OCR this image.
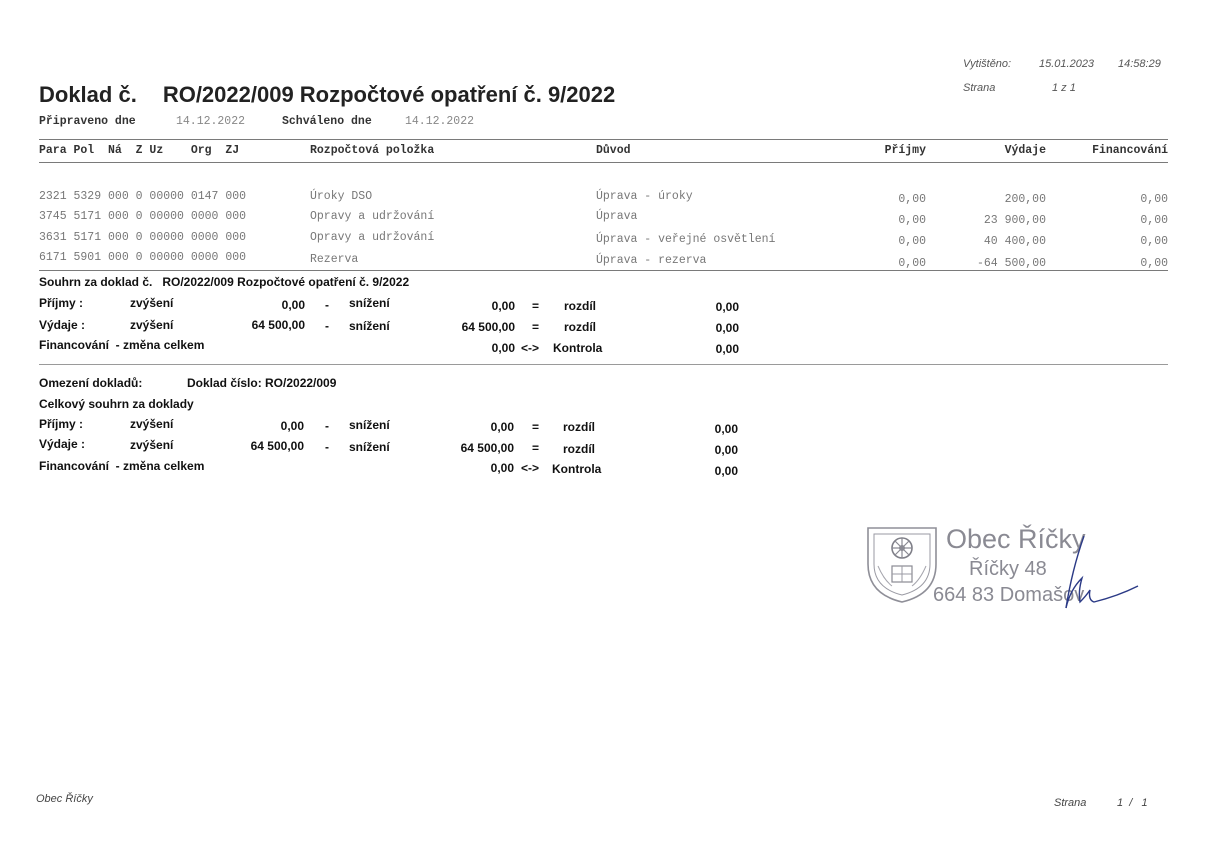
Vytištěno:	15.01.2023 14:58:29
Strana	1 z 1
Doklad č. RO/2022/009 Rozpočtové opatření č. 9/2022
Připraveno dne	14.12.2022	Schváleno dne	14.12.2022
Para Pol  Ná  Z Uz    Org  ZJ	Rozpočtová položka	Důvod	Příjmy	Výdaje	Financování
2321 5329 000 0 00000 0147 000	Úroky DSO	Úprava - úroky	0,00	200,00	0,00
3745 5171 000 0 00000 0000 000	Opravy a udržování	Úprava	0,00	23 900,00	0,00
3631 5171 000 0 00000 0000 000	Opravy a udržování	Úprava - veřejné osvětlení	0,00	40 400,00	0,00
6171 5901 000 0 00000 0000 000	Rezerva	Úprava - rezerva	0,00	-64 500,00	0,00
Souhrn za doklad č.   RO/2022/009 Rozpočtové opatření č. 9/2022
Příjmy :	zvýšení	0,00 - snížení	0,00 = rozdíl	0,00
Výdaje :	zvýšení	64 500,00 - snížení	64 500,00 = rozdíl	0,00
Financování  - změna celkem	0,00 <-> Kontrola	0,00
Omezení dokladů:	Doklad číslo: RO/2022/009
Celkový souhrn za doklady
Příjmy :	zvýšení	0,00 - snížení	0,00 = rozdíl	0,00
Výdaje :	zvýšení	64 500,00 - snížení	64 500,00 = rozdíl	0,00
Financování  - změna celkem	0,00 <-> Kontrola	0,00
Obec Říčky
Říčky 48
664 83 Domašov
Obec Říčky	Strana	1  /   1
